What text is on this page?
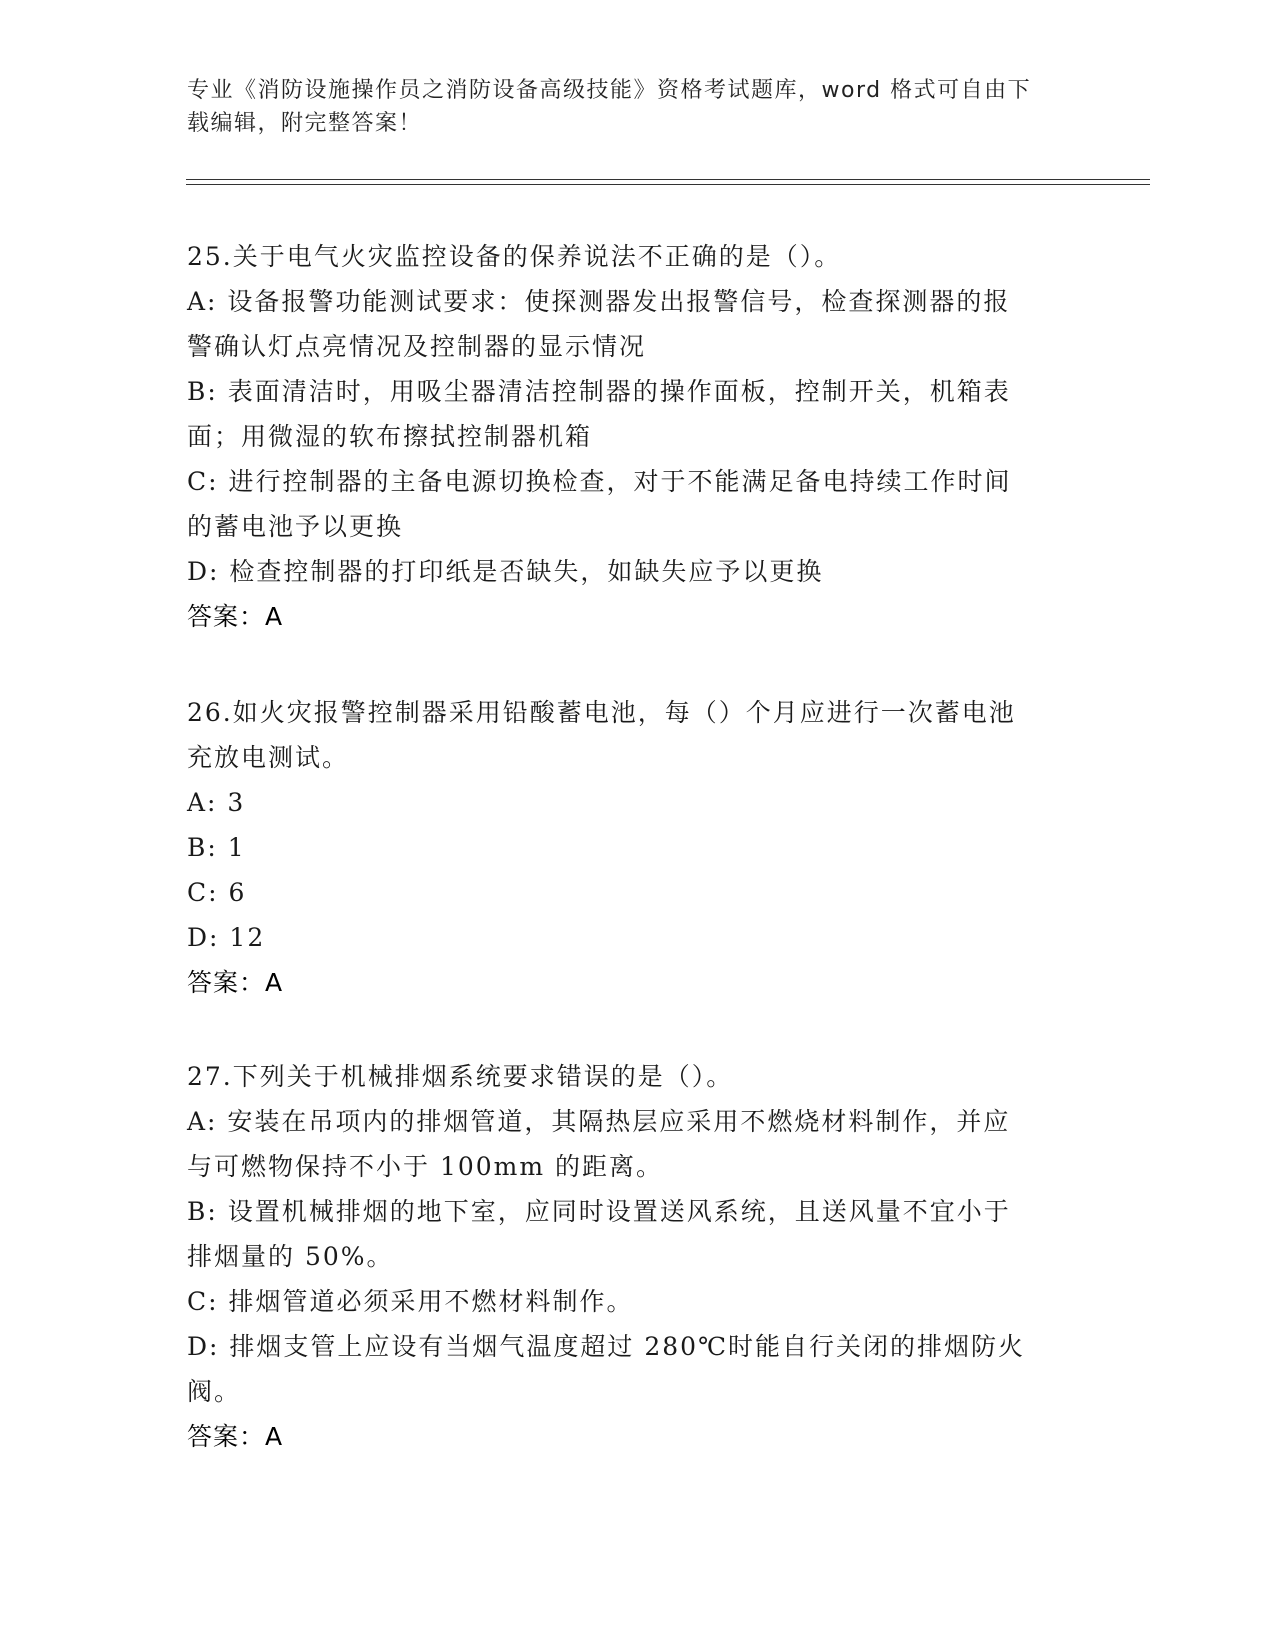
专业《消防设施操作员之消防设备高级技能》资格考试题库，word 格式可自由下
载编辑，附完整答案！
25.关于电气火灾监控设备的保养说法不正确的是（）。
A: 设备报警功能测试要求：使探测器发出报警信号，检查探测器的报
警确认灯点亮情况及控制器的显示情况
B: 表面清洁时，用吸尘器清洁控制器的操作面板，控制开关，机箱表
面；用微湿的软布擦拭控制器机箱
C: 进行控制器的主备电源切换检查，对于不能满足备电持续工作时间
的蓄电池予以更换
D: 检查控制器的打印纸是否缺失，如缺失应予以更换
答案：A
26.如火灾报警控制器采用铅酸蓄电池，每（）个月应进行一次蓄电池
充放电测试。
A: 3
B: 1
C: 6
D: 12
答案：A
27.下列关于机械排烟系统要求错误的是（）。
A: 安装在吊项内的排烟管道，其隔热层应采用不燃烧材料制作，并应
与可燃物保持不小于 100mm 的距离。
B: 设置机械排烟的地下室，应同时设置送风系统，且送风量不宜小于
排烟量的 50%。
C: 排烟管道必须采用不燃材料制作。
D: 排烟支管上应设有当烟气温度超过 280℃时能自行关闭的排烟防火
阀。
答案：A
